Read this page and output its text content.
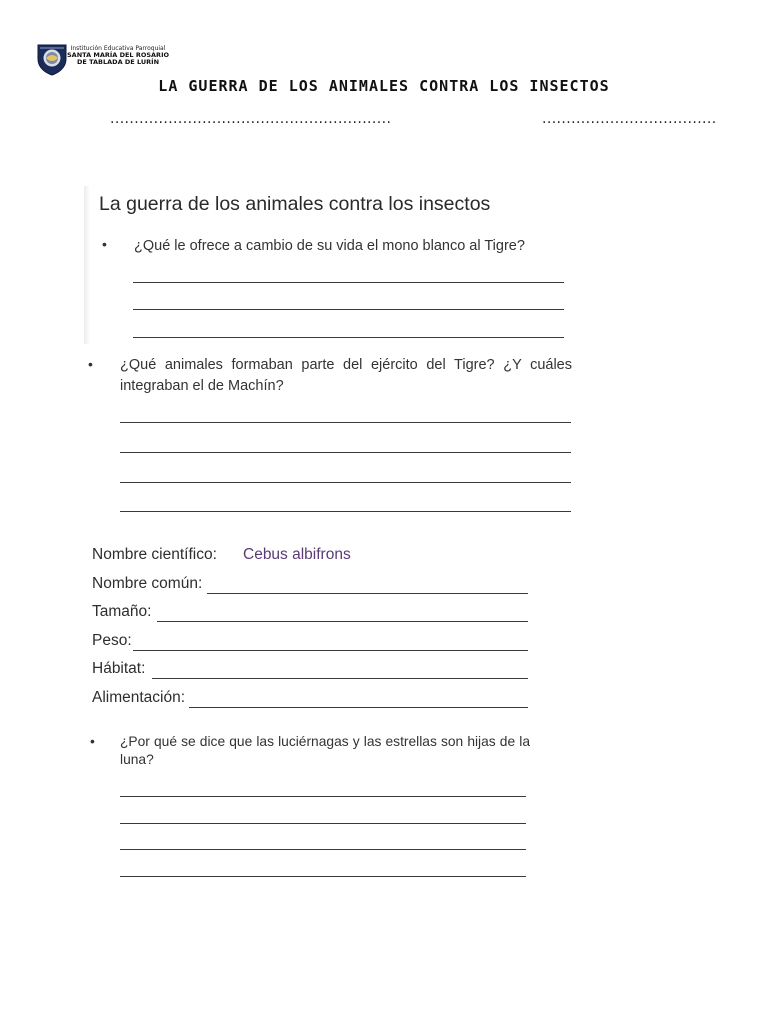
Institución Educativa Parroquial
SANTA MARÍA DEL ROSARIO
DE TABLADA DE LURÍN
LA GUERRA DE LOS ANIMALES CONTRA LOS INSECTOS
..........................................................	....................................
La guerra de los animales contra los insectos
• ¿Qué le ofrece a cambio de su vida el mono blanco al Tigre?
• ¿Qué animales formaban parte del ejército del Tigre? ¿Y cuáles integraban el de Machín?
Nombre científico: Cebus albifrons
Nombre común:
Tamaño:
Peso:
Hábitat:
Alimentación:
• ¿Por qué se dice que las luciérnagas y las estrellas son hijas de la luna?
